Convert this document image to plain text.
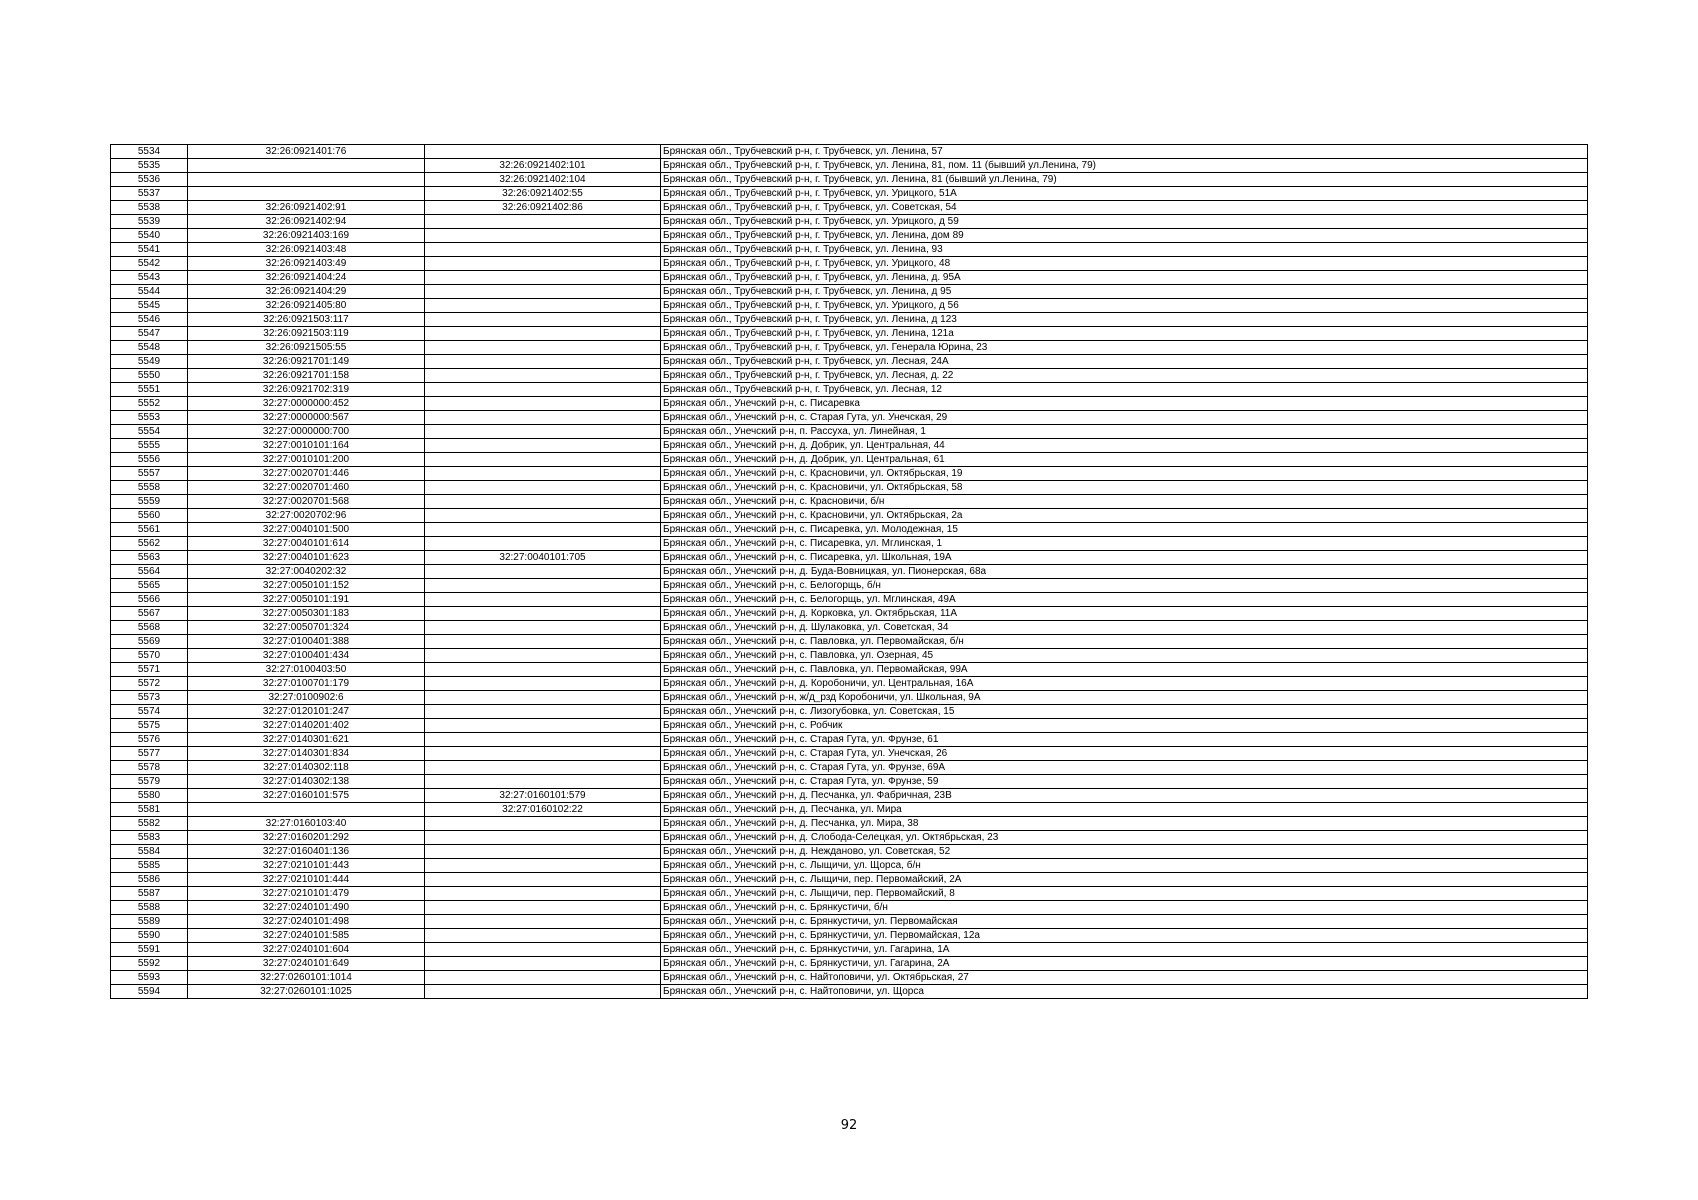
5534	32:26:0921401:76		Брянская обл., Трубчевский р-н, г. Трубчевск, ул. Ленина, 57
5535		32:26:0921402:101	Брянская обл., Трубчевский р-н, г. Трубчевск, ул. Ленина, 81, пом. 11 (бывший ул.Ленина, 79)
5536		32:26:0921402:104	Брянская обл., Трубчевский р-н, г. Трубчевск, ул. Ленина, 81 (бывший ул.Ленина, 79)
5537		32:26:0921402:55	Брянская обл., Трубчевский р-н, г. Трубчевск, ул. Урицкого, 51А
5538	32:26:0921402:91	32:26:0921402:86	Брянская обл., Трубчевский р-н, г. Трубчевск, ул. Советская, 54
5539	32:26:0921402:94		Брянская обл., Трубчевский р-н, г. Трубчевск, ул. Урицкого, д 59
5540	32:26:0921403:169		Брянская обл., Трубчевский р-н, г. Трубчевск, ул. Ленина, дом 89
5541	32:26:0921403:48		Брянская обл., Трубчевский р-н, г. Трубчевск, ул. Ленина, 93
5542	32:26:0921403:49		Брянская обл., Трубчевский р-н, г. Трубчевск, ул. Урицкого, 48
5543	32:26:0921404:24		Брянская обл., Трубчевский р-н, г. Трубчевск, ул. Ленина, д. 95А
5544	32:26:0921404:29		Брянская обл., Трубчевский р-н, г. Трубчевск, ул. Ленина, д 95
5545	32:26:0921405:80		Брянская обл., Трубчевский р-н, г. Трубчевск, ул. Урицкого, д 56
5546	32:26:0921503:117		Брянская обл., Трубчевский р-н, г. Трубчевск, ул. Ленина, д 123
5547	32:26:0921503:119		Брянская обл., Трубчевский р-н, г. Трубчевск, ул. Ленина, 121а
5548	32:26:0921505:55		Брянская обл., Трубчевский р-н, г. Трубчевск, ул. Генерала Юрина, 23
5549	32:26:0921701:149		Брянская обл., Трубчевский р-н, г. Трубчевск, ул. Лесная, 24А
5550	32:26:0921701:158		Брянская обл., Трубчевский р-н, г. Трубчевск, ул. Лесная, д. 22
5551	32:26:0921702:319		Брянская обл., Трубчевский р-н, г. Трубчевск, ул. Лесная, 12
5552	32:27:0000000:452		Брянская обл., Унечский р-н, с. Писаревка
5553	32:27:0000000:567		Брянская обл., Унечский р-н, с. Старая Гута, ул. Унечская, 29
5554	32:27:0000000:700		Брянская обл., Унечский р-н, п. Рассуха, ул. Линейная, 1
5555	32:27:0010101:164		Брянская обл., Унечский р-н, д. Добрик, ул. Центральная, 44
5556	32:27:0010101:200		Брянская обл., Унечский р-н, д. Добрик, ул. Центральная, 61
5557	32:27:0020701:446		Брянская обл., Унечский р-н, с. Красновичи, ул. Октябрьская, 19
5558	32:27:0020701:460		Брянская обл., Унечский р-н, с. Красновичи, ул. Октябрьская, 58
5559	32:27:0020701:568		Брянская обл., Унечский р-н, с. Красновичи, б/н
5560	32:27:0020702:96		Брянская обл., Унечский р-н, с. Красновичи, ул. Октябрьская, 2а
5561	32:27:0040101:500		Брянская обл., Унечский р-н, с. Писаревка, ул. Молодежная, 15
5562	32:27:0040101:614		Брянская обл., Унечский р-н, с. Писаревка, ул. Мглинская, 1
5563	32:27:0040101:623	32:27:0040101:705	Брянская обл., Унечский р-н, с. Писаревка, ул. Школьная, 19А
5564	32:27:0040202:32		Брянская обл., Унечский р-н, д. Буда-Вовницкая, ул. Пионерская, 68а
5565	32:27:0050101:152		Брянская обл., Унечский р-н, с. Белогорщь, б/н
5566	32:27:0050101:191		Брянская обл., Унечский р-н, с. Белогорщь, ул. Мглинская, 49А
5567	32:27:0050301:183		Брянская обл., Унечский р-н, д. Корковка, ул. Октябрьская, 11А
5568	32:27:0050701:324		Брянская обл., Унечский р-н, д. Шулаковка, ул. Советская, 34
5569	32:27:0100401:388		Брянская обл., Унечский р-н, с. Павловка, ул. Первомайская, б/н
5570	32:27:0100401:434		Брянская обл., Унечский р-н, с. Павловка, ул. Озерная, 45
5571	32:27:0100403:50		Брянская обл., Унечский р-н, с. Павловка, ул. Первомайская, 99А
5572	32:27:0100701:179		Брянская обл., Унечский р-н, д. Коробоничи, ул. Центральная, 16А
5573	32:27:0100902:6		Брянская обл., Унечский р-н, ж/д_рзд Коробоничи, ул. Школьная, 9А
5574	32:27:0120101:247		Брянская обл., Унечский р-н, с. Лизогубовка, ул. Советская, 15
5575	32:27:0140201:402		Брянская обл., Унечский р-н, с. Робчик
5576	32:27:0140301:621		Брянская обл., Унечский р-н, с. Старая Гута, ул. Фрунзе, 61
5577	32:27:0140301:834		Брянская обл., Унечский р-н, с. Старая Гута, ул. Унечская, 26
5578	32:27:0140302:118		Брянская обл., Унечский р-н, с. Старая Гута, ул. Фрунзе, 69А
5579	32:27:0140302:138		Брянская обл., Унечский р-н, с. Старая Гута, ул. Фрунзе, 59
5580	32:27:0160101:575	32:27:0160101:579	Брянская обл., Унечский р-н, д. Песчанка, ул. Фабричная, 23В
5581		32:27:0160102:22	Брянская обл., Унечский р-н, д. Песчанка, ул. Мира
5582	32:27:0160103:40		Брянская обл., Унечский р-н, д. Песчанка, ул. Мира, 38
5583	32:27:0160201:292		Брянская обл., Унечский р-н, д. Слобода-Селецкая, ул. Октябрьская, 23
5584	32:27:0160401:136		Брянская обл., Унечский р-н, д. Нежданово, ул. Советская, 52
5585	32:27:0210101:443		Брянская обл., Унечский р-н, с. Лыщичи, ул. Щорса, б/н
5586	32:27:0210101:444		Брянская обл., Унечский р-н, с. Лыщичи, пер. Первомайский, 2А
5587	32:27:0210101:479		Брянская обл., Унечский р-н, с. Лыщичи, пер. Первомайский, 8
5588	32:27:0240101:490		Брянская обл., Унечский р-н, с. Брянкустичи, б/н
5589	32:27:0240101:498		Брянская обл., Унечский р-н, с. Брянкустичи, ул. Первомайская
5590	32:27:0240101:585		Брянская обл., Унечский р-н, с. Брянкустичи, ул. Первомайская, 12а
5591	32:27:0240101:604		Брянская обл., Унечский р-н, с. Брянкустичи, ул. Гагарина, 1А
5592	32:27:0240101:649		Брянская обл., Унечский р-н, с. Брянкустичи, ул. Гагарина, 2А
5593	32:27:0260101:1014		Брянская обл., Унечский р-н, с. Найтоповичи, ул. Октябрьская, 27
5594	32:27:0260101:1025		Брянская обл., Унечский р-н, с. Найтоповичи, ул. Щорса
92
